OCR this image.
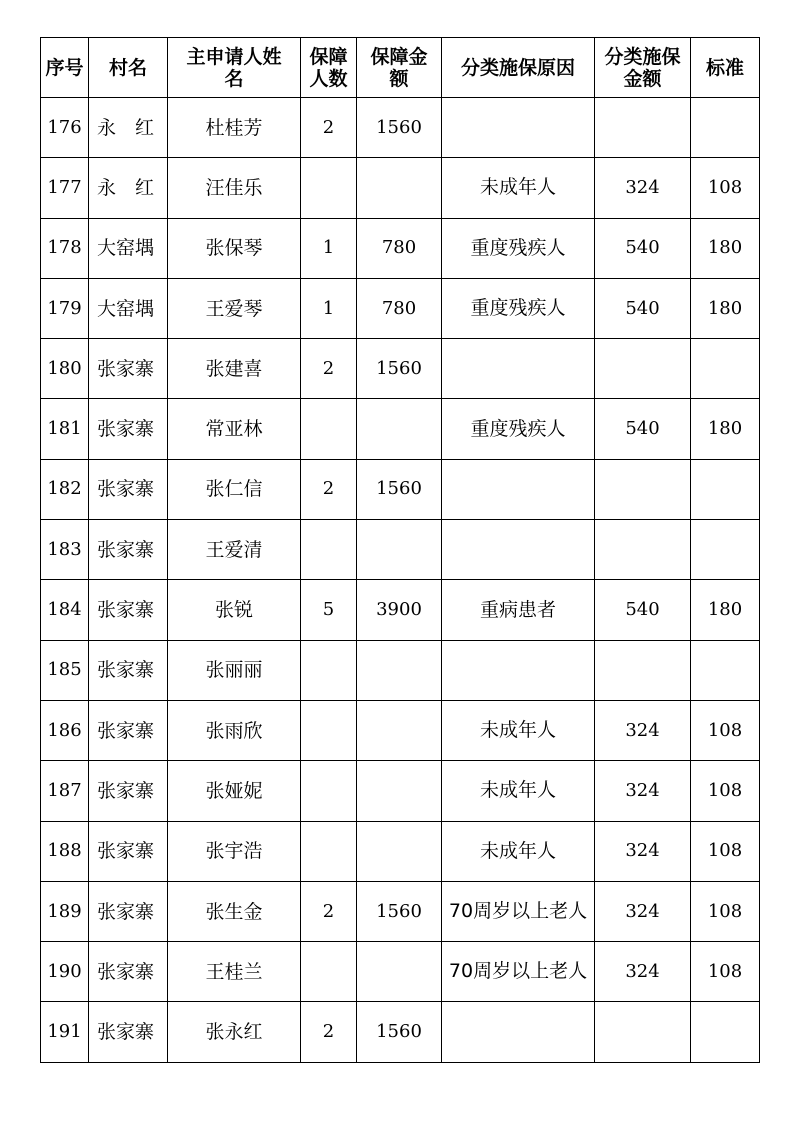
序号	村名	主申请人姓名	保障人数	保障金额	分类施保原因	分类施保金额	标准
176	永　红	杜桂芳	2	1560			
177	永　红	汪佳乐			未成年人	324	108
178	大窑堣	张保琴	1	780	重度残疾人	540	180
179	大窑堣	王爱琴	1	780	重度残疾人	540	180
180	张家寨	张建喜	2	1560			
181	张家寨	常亚林			重度残疾人	540	180
182	张家寨	张仁信	2	1560			
183	张家寨	王爱清					
184	张家寨	张锐	5	3900	重病患者	540	180
185	张家寨	张丽丽					
186	张家寨	张雨欣			未成年人	324	108
187	张家寨	张娅妮			未成年人	324	108
188	张家寨	张宇浩			未成年人	324	108
189	张家寨	张生金	2	1560	70周岁以上老人	324	108
190	张家寨	王桂兰			70周岁以上老人	324	108
191	张家寨	张永红	2	1560			
